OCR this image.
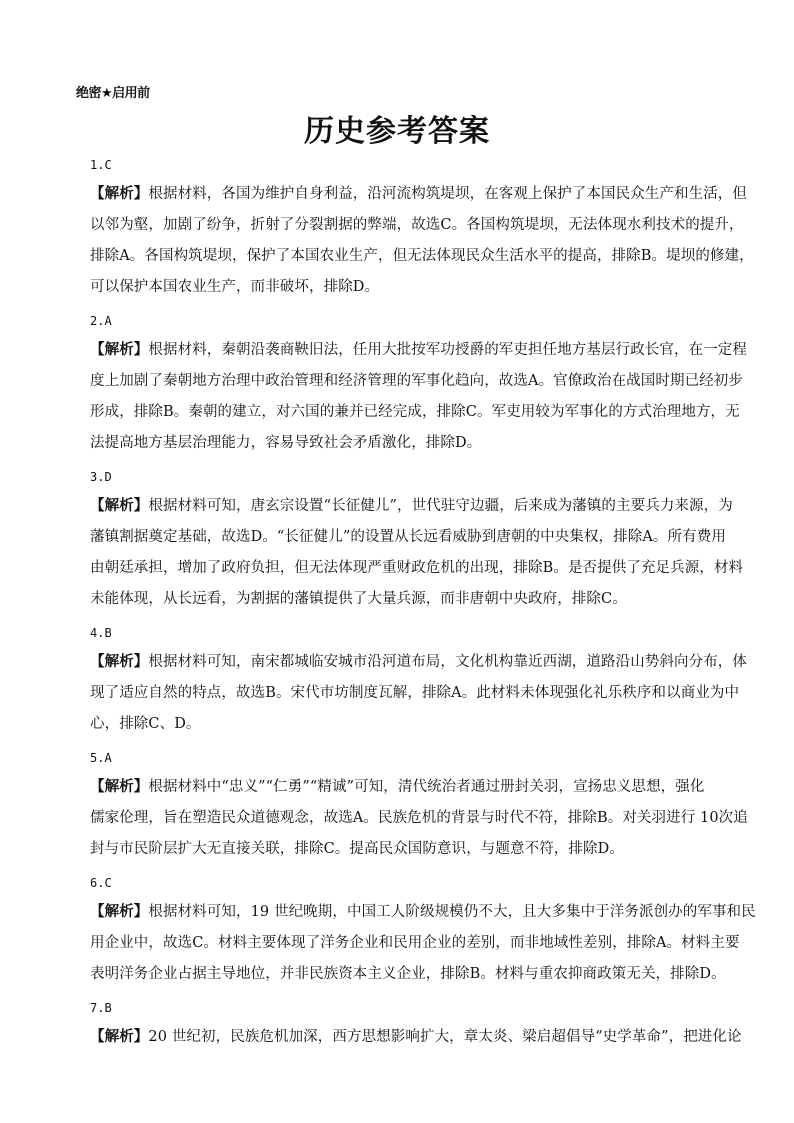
绝密★启用前
历史参考答案
1.C
【解析】根据材料，各国为维护自身利益，沿河流构筑堤坝，在客观上保护了本国民众生产和生活，但
以邻为壑，加剧了纷争，折射了分裂割据的弊端，故选C。各国构筑堤坝，无法体现水利技术的提升，
排除A。各国构筑堤坝，保护了本国农业生产，但无法体现民众生活水平的提高，排除B。堤坝的修建，
可以保护本国农业生产，而非破坏，排除D。
2.A
【解析】根据材料，秦朝沿袭商鞅旧法，任用大批按军功授爵的军吏担任地方基层行政长官，在一定程
度上加剧了秦朝地方治理中政治管理和经济管理的军事化趋向，故选A。官僚政治在战国时期已经初步
形成，排除B。秦朝的建立，对六国的兼并已经完成，排除C。军吏用较为军事化的方式治理地方，无
法提高地方基层治理能力，容易导致社会矛盾激化，排除D。
3.D
【解析】根据材料可知，唐玄宗设置“长征健儿”，世代驻守边疆，后来成为藩镇的主要兵力来源，为
藩镇割据奠定基础，故选D。“长征健儿”的设置从长远看威胁到唐朝的中央集权，排除A。所有费用
由朝廷承担，增加了政府负担，但无法体现严重财政危机的出现，排除B。是否提供了充足兵源，材料
未能体现，从长远看，为割据的藩镇提供了大量兵源，而非唐朝中央政府，排除C。
4.B
【解析】根据材料可知，南宋都城临安城市沿河道布局，文化机构靠近西湖，道路沿山势斜向分布，体
现了适应自然的特点，故选B。宋代市坊制度瓦解，排除A。此材料未体现强化礼乐秩序和以商业为中
心，排除C、D。
5.A
【解析】根据材料中“忠义”“仁勇”“精诚”可知，清代统治者通过册封关羽，宣扬忠义思想，强化
儒家伦理，旨在塑造民众道德观念，故选A。民族危机的背景与时代不符，排除B。对关羽进行 10次追
封与市民阶层扩大无直接关联，排除C。提高民众国防意识，与题意不符，排除D。
6.C
【解析】根据材料可知，19 世纪晚期，中国工人阶级规模仍不大，且大多集中于洋务派创办的军事和民
用企业中，故选C。材料主要体现了洋务企业和民用企业的差别，而非地域性差别，排除A。材料主要
表明洋务企业占据主导地位，并非民族资本主义企业，排除B。材料与重农抑商政策无关，排除D。
7.B
【解析】20 世纪初，民族危机加深，西方思想影响扩大，章太炎、梁启超倡导“史学革命”，把进化论
